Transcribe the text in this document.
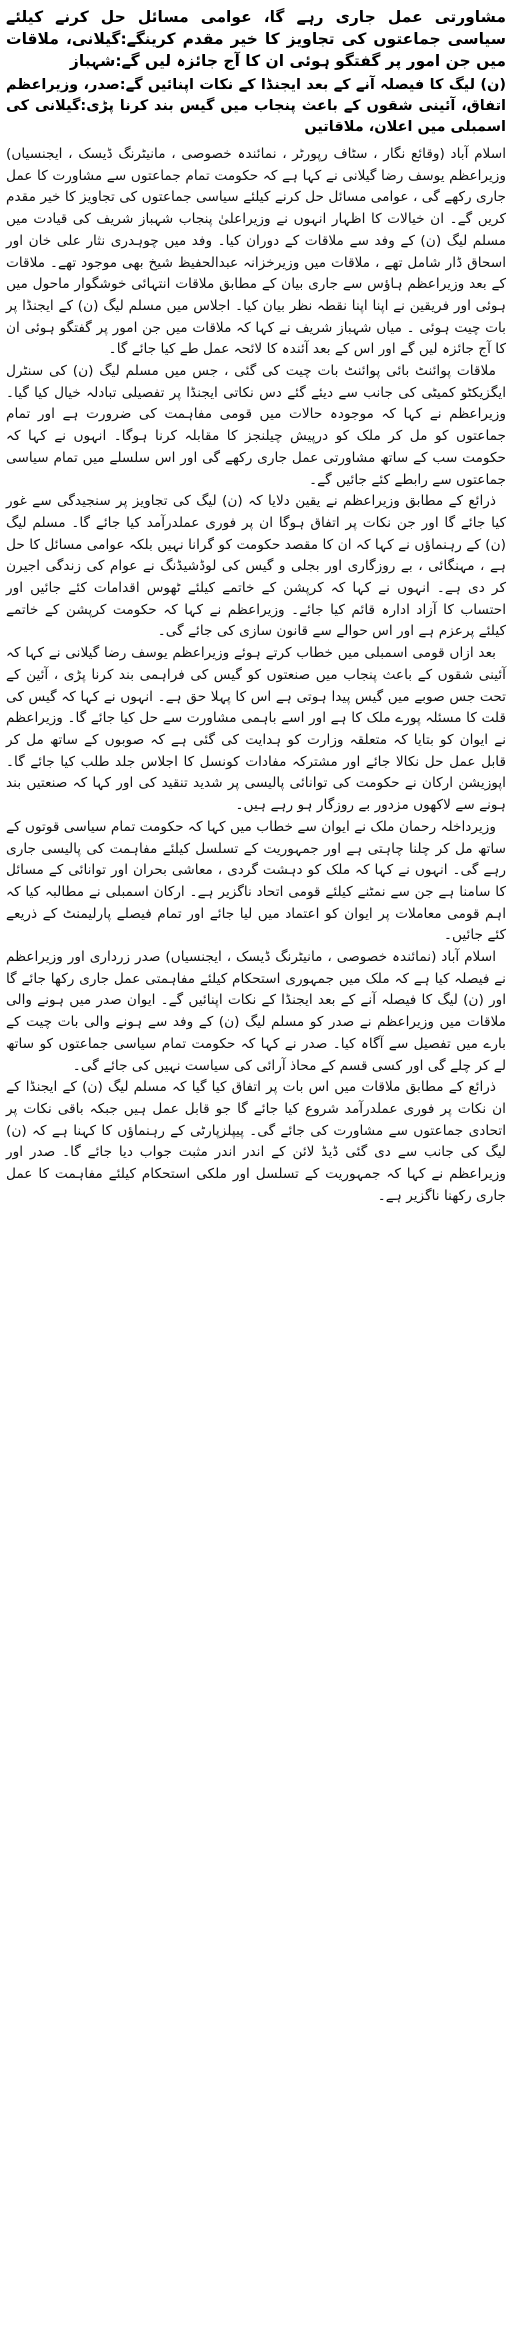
مشاورتی عمل جاری رہے گا، عوامی مسائل حل کرنے کیلئے سیاسی جماعتوں کی تجاویز کا خیر مقدم کرینگے:گیلانی، ملاقات میں جن امور پر گفتگو ہوئی ان کا آج جائزہ لیں گے:شہباز
(ن) لیگ کا فیصلہ آنے کے بعد ایجنڈا کے نکات اپنائیں گے:صدر، وزیراعظم اتفاق، آئینی شقوں کے باعث پنجاب میں گیس بند کرنا پڑی:گیلانی کی اسمبلی میں اعلان، ملاقاتیں

اسلام آباد (وقائع نگار ، سٹاف رپورٹر ، نمائندہ خصوصی ، مانیٹرنگ ڈیسک ، ایجنسیاں) وزیراعظم یوسف رضا گیلانی نے کہا ہے کہ حکومت تمام جماعتوں سے مشاورت کا عمل جاری رکھے گی ، عوامی مسائل حل کرنے کیلئے سیاسی جماعتوں کی تجاویز کا خیر مقدم کریں گے۔ ان خیالات کا اظہار انہوں نے وزیراعلیٰ پنجاب شہباز شریف کی قیادت میں مسلم لیگ (ن) کے وفد سے ملاقات کے دوران کیا۔ وفد میں چوہدری نثار علی خان اور اسحاق ڈار شامل تھے ، ملاقات میں وزیرخزانہ عبدالحفیظ شیخ بھی موجود تھے۔ ملاقات کے بعد وزیراعظم ہاؤس سے جاری بیان کے مطابق ملاقات انتہائی خوشگوار ماحول میں ہوئی اور فریقین نے اپنا اپنا نقطہ نظر بیان کیا۔ اجلاس میں مسلم لیگ (ن) کے ایجنڈا پر بات چیت ہوئی ۔ میاں شہباز شریف نے کہا کہ ملاقات میں جن امور پر گفتگو ہوئی ان کا آج جائزہ لیں گے اور اس کے بعد آئندہ کا لائحہ عمل طے کیا جائے گا۔

ملاقات پوائنٹ بائی پوائنٹ بات چیت کی گئی ، جس میں مسلم لیگ (ن) کی سنٹرل ایگزیکٹو کمیٹی کی جانب سے دیئے گئے دس نکاتی ایجنڈا پر تفصیلی تبادلہ خیال کیا گیا۔ وزیراعظم نے کہا کہ موجودہ حالات میں قومی مفاہمت کی ضرورت ہے اور تمام جماعتوں کو مل کر ملک کو درپیش چیلنجز کا مقابلہ کرنا ہوگا۔ انہوں نے کہا کہ حکومت سب کے ساتھ مشاورتی عمل جاری رکھے گی اور اس سلسلے میں تمام سیاسی جماعتوں سے رابطے کئے جائیں گے۔

ذرائع کے مطابق وزیراعظم نے یقین دلایا کہ (ن) لیگ کی تجاویز پر سنجیدگی سے غور کیا جائے گا اور جن نکات پر اتفاق ہوگا ان پر فوری عملدرآمد کیا جائے گا۔ مسلم لیگ (ن) کے رہنماؤں نے کہا کہ ان کا مقصد حکومت کو گرانا نہیں بلکہ عوامی مسائل کا حل ہے ، مہنگائی ، بے روزگاری اور بجلی و گیس کی لوڈشیڈنگ نے عوام کی زندگی اجیرن کر دی ہے۔ انہوں نے کہا کہ کرپشن کے خاتمے کیلئے ٹھوس اقدامات کئے جائیں اور احتساب کا آزاد ادارہ قائم کیا جائے۔ وزیراعظم نے کہا کہ حکومت کرپشن کے خاتمے کیلئے پرعزم ہے اور اس حوالے سے قانون سازی کی جائے گی۔

بعد ازاں قومی اسمبلی میں خطاب کرتے ہوئے وزیراعظم یوسف رضا گیلانی نے کہا کہ آئینی شقوں کے باعث پنجاب میں صنعتوں کو گیس کی فراہمی بند کرنا پڑی ، آئین کے تحت جس صوبے میں گیس پیدا ہوتی ہے اس کا پہلا حق ہے۔ انہوں نے کہا کہ گیس کی قلت کا مسئلہ پورے ملک کا ہے اور اسے باہمی مشاورت سے حل کیا جائے گا۔ وزیراعظم نے ایوان کو بتایا کہ متعلقہ وزارت کو ہدایت کی گئی ہے کہ صوبوں کے ساتھ مل کر قابل عمل حل نکالا جائے اور مشترکہ مفادات کونسل کا اجلاس جلد طلب کیا جائے گا۔ اپوزیشن ارکان نے حکومت کی توانائی پالیسی پر شدید تنقید کی اور کہا کہ صنعتیں بند ہونے سے لاکھوں مزدور بے روزگار ہو رہے ہیں۔

وزیرداخلہ رحمان ملک نے ایوان سے خطاب میں کہا کہ حکومت تمام سیاسی قوتوں کے ساتھ مل کر چلنا چاہتی ہے اور جمہوریت کے تسلسل کیلئے مفاہمت کی پالیسی جاری رہے گی۔ انہوں نے کہا کہ ملک کو دہشت گردی ، معاشی بحران اور توانائی کے مسائل کا سامنا ہے جن سے نمٹنے کیلئے قومی اتحاد ناگزیر ہے۔ ارکان اسمبلی نے مطالبہ کیا کہ اہم قومی معاملات پر ایوان کو اعتماد میں لیا جائے اور تمام فیصلے پارلیمنٹ کے ذریعے کئے جائیں۔

اسلام آباد (نمائندہ خصوصی ، مانیٹرنگ ڈیسک ، ایجنسیاں) صدر زرداری اور وزیراعظم نے فیصلہ کیا ہے کہ ملک میں جمہوری استحکام کیلئے مفاہمتی عمل جاری رکھا جائے گا اور (ن) لیگ کا فیصلہ آنے کے بعد ایجنڈا کے نکات اپنائیں گے۔ ایوان صدر میں ہونے والی ملاقات میں وزیراعظم نے صدر کو مسلم لیگ (ن) کے وفد سے ہونے والی بات چیت کے بارے میں تفصیل سے آگاہ کیا۔ صدر نے کہا کہ حکومت تمام سیاسی جماعتوں کو ساتھ لے کر چلے گی اور کسی قسم کے محاذ آرائی کی سیاست نہیں کی جائے گی۔

ذرائع کے مطابق ملاقات میں اس بات پر اتفاق کیا گیا کہ مسلم لیگ (ن) کے ایجنڈا کے ان نکات پر فوری عملدرآمد شروع کیا جائے گا جو قابل عمل ہیں جبکہ باقی نکات پر اتحادی جماعتوں سے مشاورت کی جائے گی۔ پیپلزپارٹی کے رہنماؤں کا کہنا ہے کہ (ن) لیگ کی جانب سے دی گئی ڈیڈ لائن کے اندر اندر مثبت جواب دیا جائے گا۔ صدر اور وزیراعظم نے کہا کہ جمہوریت کے تسلسل اور ملکی استحکام کیلئے مفاہمت کا عمل جاری رکھنا ناگزیر ہے۔
